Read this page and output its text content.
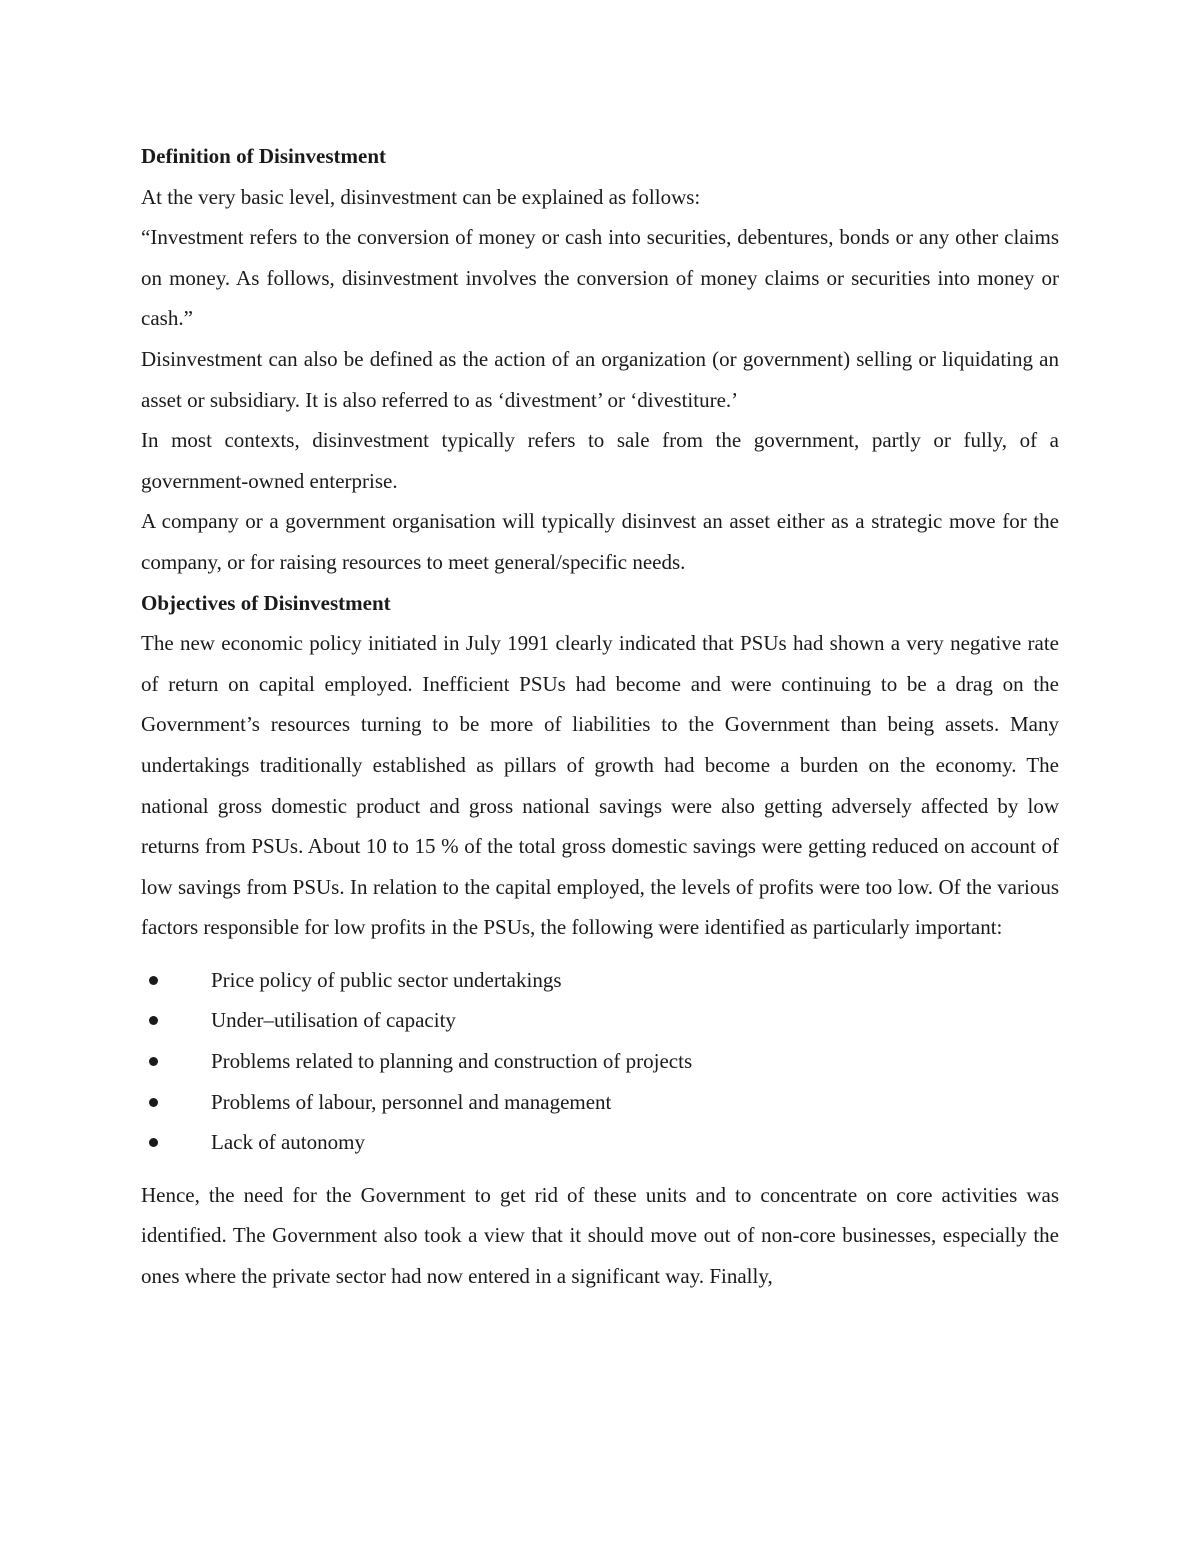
Definition of Disinvestment

At the very basic level, disinvestment can be explained as follows:

“Investment refers to the conversion of money or cash into securities, debentures, bonds or any other claims on money. As follows, disinvestment involves the conversion of money claims or securities into money or cash.”

Disinvestment can also be defined as the action of an organization (or government) selling or liquidating an asset or subsidiary. It is also referred to as ‘divestment’ or ‘divestiture.’

In most contexts, disinvestment typically refers to sale from the government, partly or fully, of a government-owned enterprise.

A company or a government organisation will typically disinvest an asset either as a strategic move for the company, or for raising resources to meet general/specific needs.

Objectives of Disinvestment

The new economic policy initiated in July 1991 clearly indicated that PSUs had shown a very negative rate of return on capital employed. Inefficient PSUs had become and were continuing to be a drag on the Government’s resources turning to be more of liabilities to the Government than being assets. Many undertakings traditionally established as pillars of growth had become a burden on the economy. The national gross domestic product and gross national savings were also getting adversely affected by low returns from PSUs. About 10 to 15 % of the total gross domestic savings were getting reduced on account of low savings from PSUs. In relation to the capital employed, the levels of profits were too low. Of the various factors responsible for low profits in the PSUs, the following were identified as particularly important:

Price policy of public sector undertakings
Under–utilisation of capacity
Problems related to planning and construction of projects
Problems of labour, personnel and management
Lack of autonomy

Hence, the need for the Government to get rid of these units and to concentrate on core activities was identified. The Government also took a view that it should move out of non-core businesses, especially the ones where the private sector had now entered in a significant way. Finally,
